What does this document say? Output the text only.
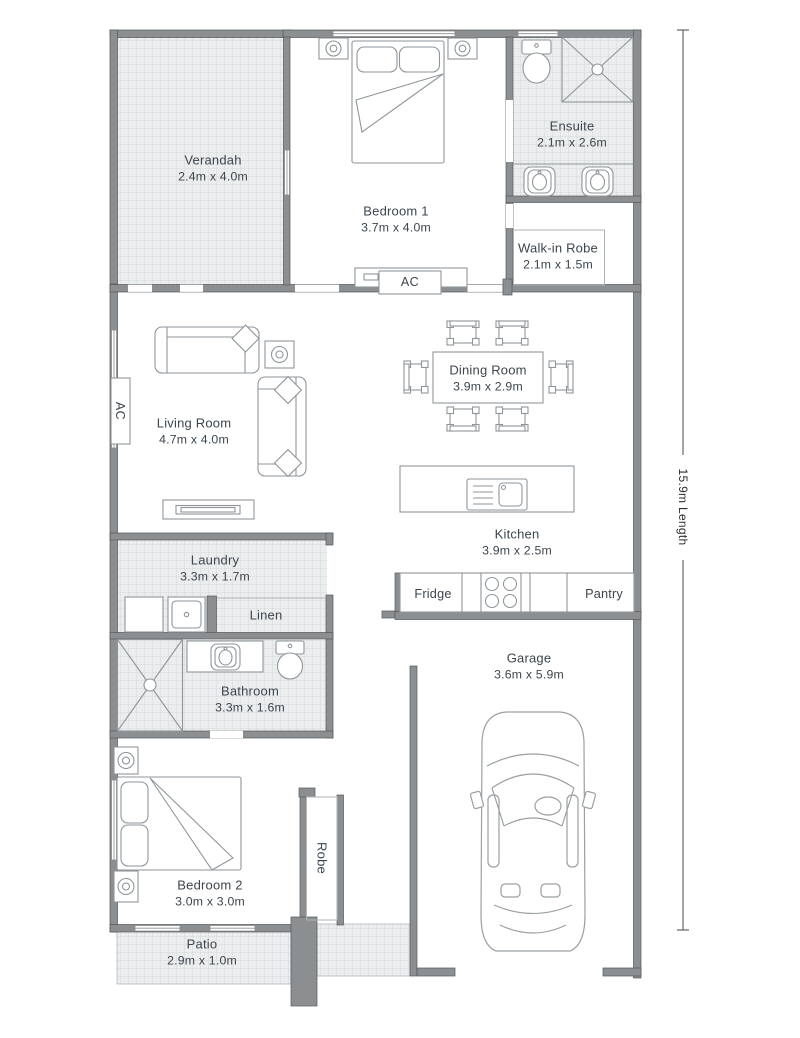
Verandah
2.4m x 4.0m
Bedroom 1
3.7m x 4.0m
Ensuite
2.1m x 2.6m
Walk-in Robe
2.1m x 1.5m
Living Room
4.7m x 4.0m
Dining Room
3.9m x 2.9m
Kitchen
3.9m x 2.5m
Laundry
3.3m x 1.7m
Linen
Bathroom
3.3m x 1.6m
Bedroom 2
3.0m x 3.0m
Robe
Garage
3.6m x 5.9m
Patio
2.9m x 1.0m
Fridge	Pantry
AC
AC
15.9m Length
